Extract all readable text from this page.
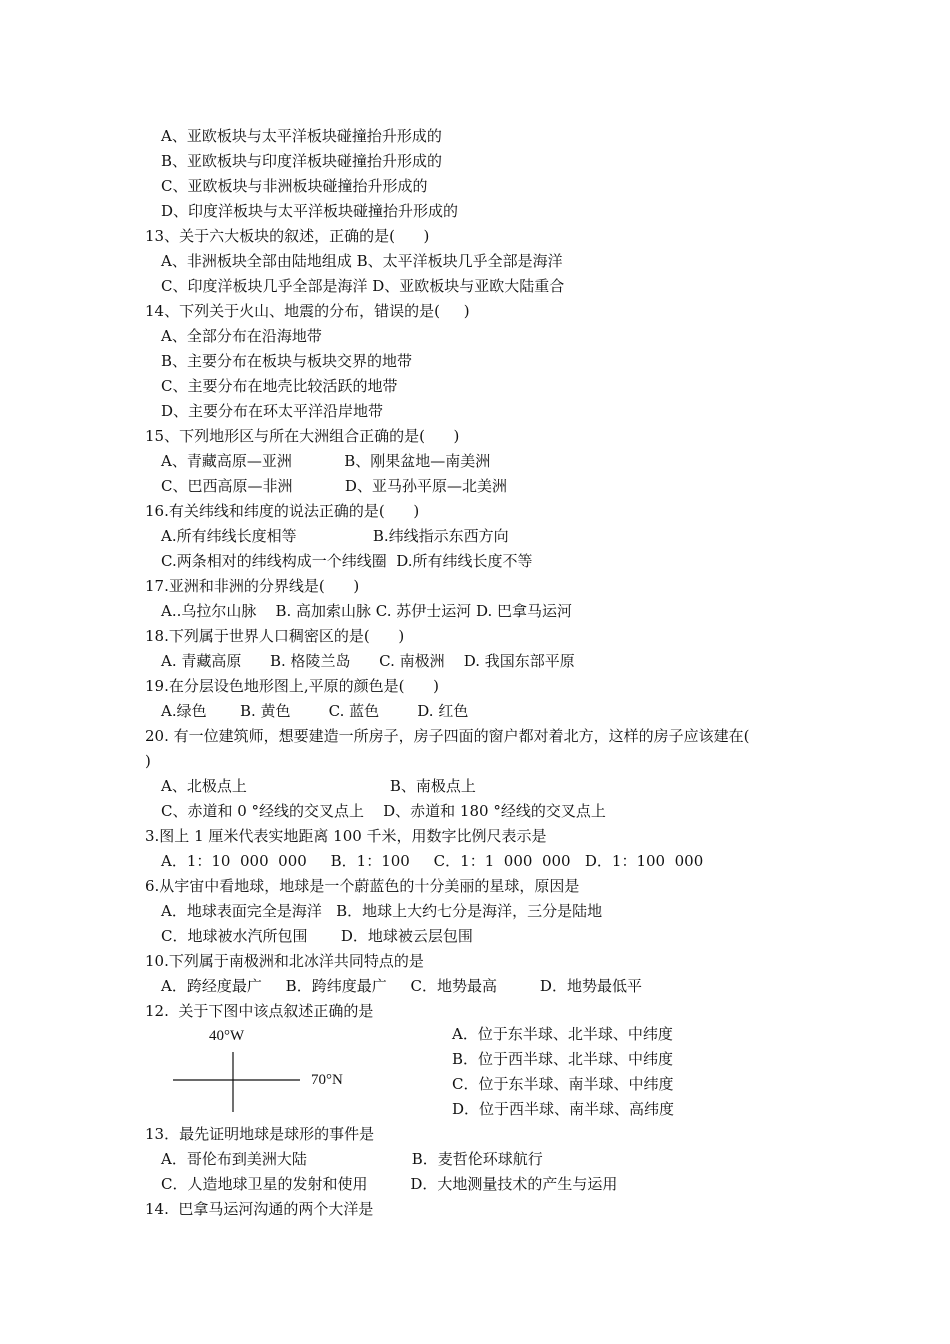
A、亚欧板块与太平洋板块碰撞抬升形成的
B、亚欧板块与印度洋板块碰撞抬升形成的
C、亚欧板块与非洲板块碰撞抬升形成的
D、印度洋板块与太平洋板块碰撞抬升形成的
13、关于六大板块的叙述，正确的是(      )
A、非洲板块全部由陆地组成 B、太平洋板块几乎全部是海洋
C、印度洋板块几乎全部是海洋 D、亚欧板块与亚欧大陆重合
14、下列关于火山、地震的分布，错误的是(     )
A、全部分布在沿海地带
B、主要分布在板块与板块交界的地带
C、主要分布在地壳比较活跃的地带
D、主要分布在环太平洋沿岸地带
15、下列地形区与所在大洲组合正确的是(      )
A、青藏高原—亚洲           B、刚果盆地—南美洲
C、巴西高原—非洲           D、亚马孙平原—北美洲
16.有关纬线和纬度的说法正确的是(      )
A.所有纬线长度相等                B.纬线指示东西方向
C.两条相对的纬线构成一个纬线圈  D.所有纬线长度不等
17.亚洲和非洲的分界线是(      )
A..乌拉尔山脉    B. 高加索山脉 C. 苏伊士运河 D. 巴拿马运河
18.下列属于世界人口稠密区的是(      )
A. 青藏高原      B. 格陵兰岛      C. 南极洲    D. 我国东部平原
19.在分层设色地形图上,平原的颜色是(      )
A.绿色       B. 黄色        C. 蓝色        D. 红色
20. 有一位建筑师，想要建造一所房子，房子四面的窗户都对着北方，这样的房子应该建在(
)
A、北极点上                              B、南极点上
C、赤道和 0 °经线的交叉点上    D、赤道和 180 °经线的交叉点上
3.图上 1 厘米代表实地距离 100 千米，用数字比例尺表示是
A．1：10  000  000     B．1：100     C．1：1  000  000   D．1：100  000
6.从宇宙中看地球，地球是一个蔚蓝色的十分美丽的星球，原因是
A．地球表面完全是海洋   B．地球上大约七分是海洋，三分是陆地
C．地球被水汽所包围       D．地球被云层包围
10.下列属于南极洲和北冰洋共同特点的是
A．跨经度最广     B．跨纬度最广     C．地势最高         D．地势最低平
12.  关于下图中该点叙述正确的是
40°W
70°N
A．位于东半球、北半球、中纬度
B．位于西半球、北半球、中纬度
C．位于东半球、南半球、中纬度
D．位于西半球、南半球、高纬度
13．最先证明地球是球形的事件是
A．哥伦布到美洲大陆                      B．麦哲伦环球航行
C．人造地球卫星的发射和使用         D．大地测量技术的产生与运用
14.  巴拿马运河沟通的两个大洋是
